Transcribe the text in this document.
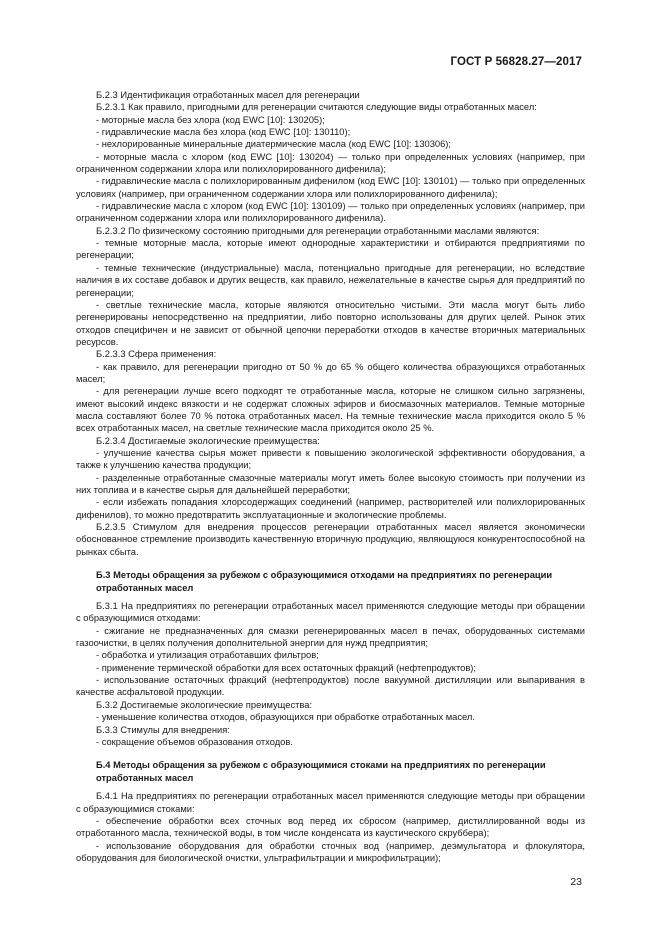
ГОСТ Р 56828.27—2017

Б.2.3 Идентификация отработанных масел для регенерации

Б.2.3.1 Как правило, пригодными для регенерации считаются следующие виды отработанных масел:

- моторные масла без хлора (код EWC [10]: 130205);

- гидравлические масла без хлора (код EWC [10]: 130110);

- нехлорированные минеральные диатермические масла (код EWC [10]: 130306);

- моторные масла с хлором (код EWC [10]: 130204) — только при определенных условиях (например, при ограниченном содержании хлора или полихлорированного дифенила);

- гидравлические масла с полихлорированным дифенилом (код EWC [10]: 130101) — только при определенных условиях (например, при ограниченном содержании хлора или полихлорированного дифенила);

- гидравлические масла с хлором (код EWC [10]: 130109) — только при определенных условиях (например, при ограниченном содержании хлора или полихлорированного дифенила).

Б.2.3.2 По физическому состоянию пригодными для регенерации отработанными маслами являются:

- темные моторные масла, которые имеют однородные характеристики и отбираются предприятиями по регенерации;

- темные технические (индустриальные) масла, потенциально пригодные для регенерации, но вследствие наличия в их составе добавок и других веществ, как правило, нежелательные в качестве сырья для предприятий по регенерации;

- светлые технические масла, которые являются относительно чистыми. Эти масла могут быть либо регенерированы непосредственно на предприятии, либо повторно использованы для других целей. Рынок этих отходов специфичен и не зависит от обычной цепочки переработки отходов в качестве вторичных материальных ресурсов.

Б.2.3.3 Сфера применения:

- как правило, для регенерации пригодно от 50 % до 65 % общего количества образующихся отработанных масел;

- для регенерации лучше всего подходят те отработанные масла, которые не слишком сильно загрязнены, имеют высокий индекс вязкости и не содержат сложных эфиров и биосмазочных материалов. Темные моторные масла составляют более 70 % потока отработанных масел. На темные технические масла приходится около 5 % всех отработанных масел, на светлые технические масла приходится около 25 %.

Б.2.3.4 Достигаемые экологические преимущества:

- улучшение качества сырья может привести к повышению экологической эффективности оборудования, а также к улучшению качества продукции;

- разделенные отработанные смазочные материалы могут иметь более высокую стоимость при получении из них топлива и в качестве сырья для дальнейшей переработки;

- если избежать попадания хлорсодержащих соединений (например, растворителей или полихлорированных дифенилов), то можно предотвратить эксплуатационные и экологические проблемы.

Б.2.3.5 Стимулом для внедрения процессов регенерации отработанных масел является экономически обоснованное стремление производить качественную вторичную продукцию, являющуюся конкурентоспособной на рынках сбыта.

Б.3 Методы обращения за рубежом с образующимися отходами на предприятиях по регенерации отработанных масел

Б.3.1 На предприятиях по регенерации отработанных масел применяются следующие методы при обращении с образующимися отходами:

- сжигание не предназначенных для смазки регенерированных масел в печах, оборудованных системами газоочистки, в целях получения дополнительной энергии для нужд предприятия;

- обработка и утилизация отработавших фильтров;

- применение термической обработки для всех остаточных фракций (нефтепродуктов);

- использование остаточных фракций (нефтепродуктов) после вакуумной дистилляции или выпаривания в качестве асфальтовой продукции.

Б.3.2 Достигаемые экологические преимущества:

- уменьшение количества отходов, образующихся при обработке отработанных масел.

Б.3.3 Стимулы для внедрения:

- сокращение объемов образования отходов.

Б.4 Методы обращения за рубежом с образующимися стоками на предприятиях по регенерации отработанных масел

Б.4.1 На предприятиях по регенерации отработанных масел применяются следующие методы при обращении с образующимися стоками:

- обеспечение обработки всех сточных вод перед их сбросом (например, дистиллированной воды из отработанного масла, технической воды, в том числе конденсата из каустического скруббера);

- использование оборудования для обработки сточных вод (например, деэмульгатора и флокулятора, оборудования для биологической очистки, ультрафильтрации и микрофильтрации);

23
